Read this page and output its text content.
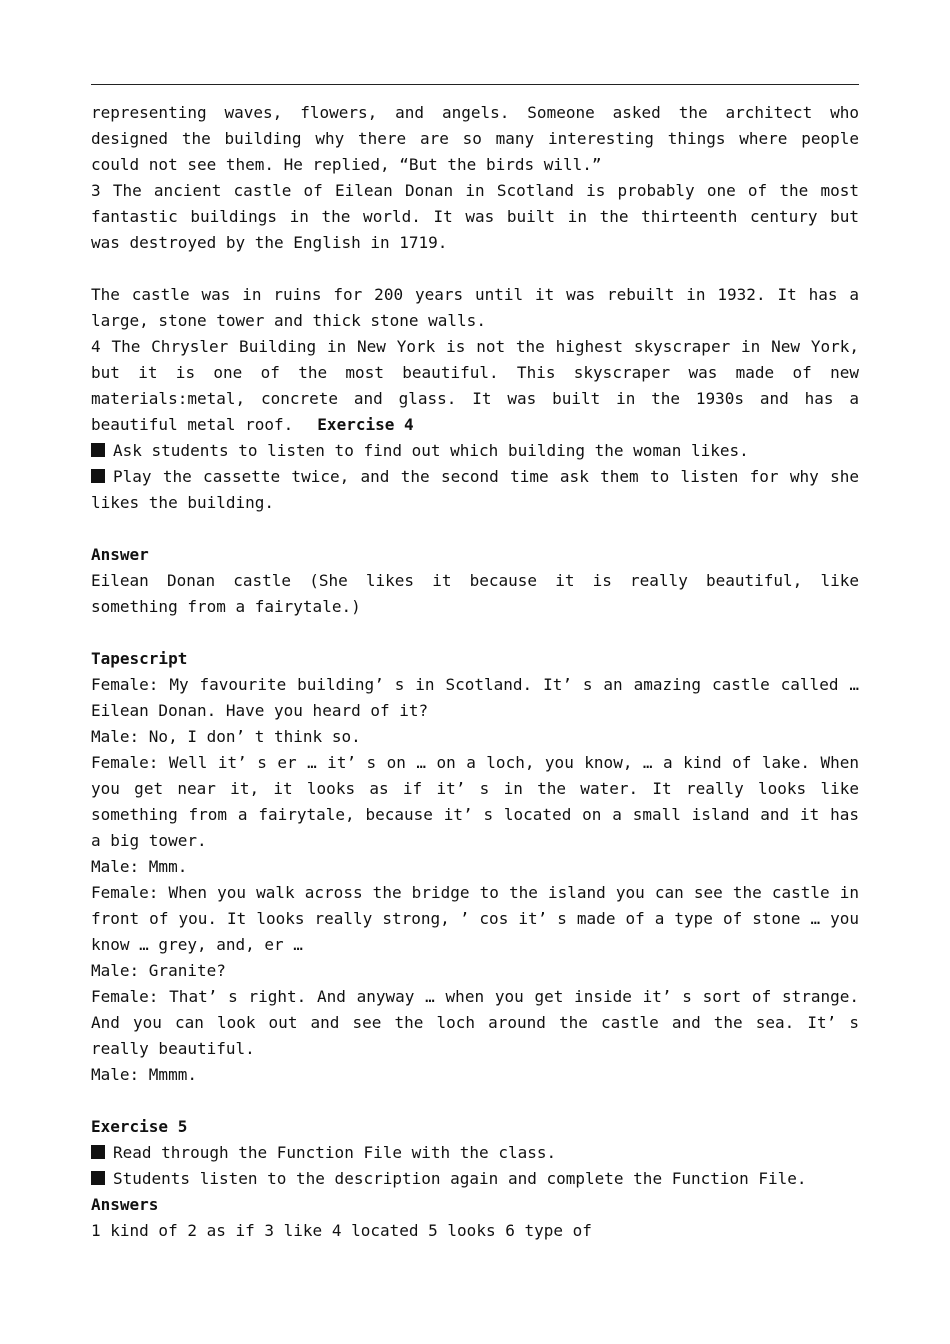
representing waves, flowers, and angels. Someone asked the architect who designed the building why there are so many interesting things where people could not see them. He replied, “But the birds will.”

3 The ancient castle of Eilean Donan in Scotland is probably one of the most fantastic buildings in the world. It was built in the thirteenth century but was destroyed by the English in 1719.

The castle was in ruins for 200 years until it was rebuilt in 1932. It has a large, stone tower and thick stone walls.

4 The Chrysler Building in New York is not the highest skyscraper in New York, but it is one of the most beautiful. This skyscraper was made of new materials:metal, concrete and glass. It was built in the 1930s and has a beautiful metal roof. Exercise 4

Ask students to listen to find out which building the woman likes.

Play the cassette twice, and the second time ask them to listen for why she likes the building.

Answer

Eilean Donan castle (She likes it because it is really beautiful, like something from a fairytale.)

Tapescript

Female: My favourite building’ s in Scotland. It’ s an amazing castle called … Eilean Donan. Have you heard of it?

Male: No, I don’ t think so.

Female: Well it’ s er … it’ s on … on a loch, you know, … a kind of lake. When you get near it, it looks as if it’ s in the water. It really looks like something from a fairytale, because it’ s located on a small island and it has a big tower.

Male: Mmm.

Female: When you walk across the bridge to the island you can see the castle in front of you. It looks really strong, ’ cos it’ s made of a type of stone … you know … grey, and, er …

Male: Granite?

Female: That’ s right. And anyway … when you get inside it’ s sort of strange. And you can look out and see the loch around the castle and the sea. It’ s really beautiful.

Male: Mmmm.

Exercise 5

Read through the Function File with the class.

Students listen to the description again and complete the Function File.

Answers

1 kind of 2 as if 3 like 4 located 5 looks 6 type of
